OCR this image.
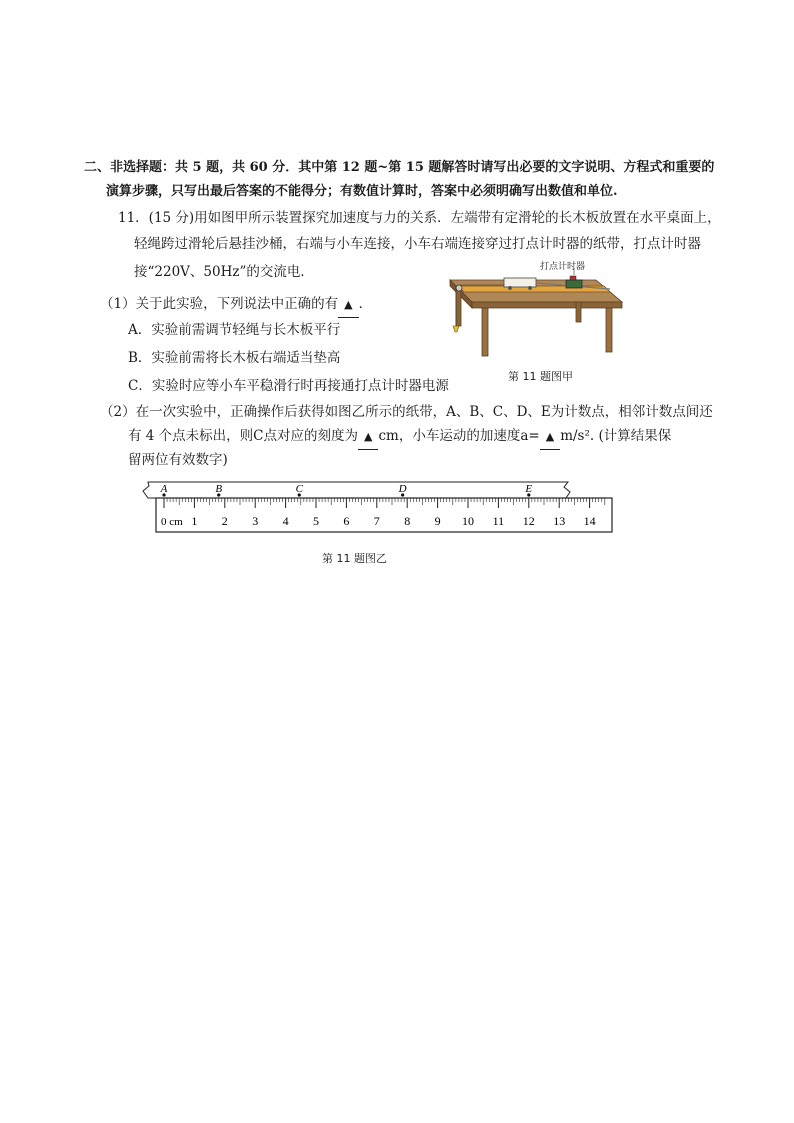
二、非选择题：共 5 题，共 60 分．其中第 12 题~第 15 题解答时请写出必要的文字说明、方程式和重要的
演算步骤，只写出最后答案的不能得分；有数值计算时，答案中必须明确写出数值和单位.
11．(15 分)用如图甲所示装置探究加速度与力的关系．左端带有定滑轮的长木板放置在水平桌面上，
轻绳跨过滑轮后悬挂沙桶，右端与小车连接，小车右端连接穿过打点计时器的纸带，打点计时器
接“220V、50Hz”的交流电．
（1）关于此实验，下列说法中正确的有 ▲ ．
A．实验前需调节轻绳与长木板平行
B．实验前需将长木板右端适当垫高
C．实验时应等小车平稳滑行时再接通打点计时器电源
打点计时器
第 11 题图甲
（2）在一次实验中，正确操作后获得如图乙所示的纸带，A、B、C、D、E为计数点，相邻计数点间还
有 4 个点未标出，则C点对应的刻度为 ▲ cm，小车运动的加速度a= ▲ m/s². (计算结果保
留两位有效数字)
0 cm 1 2 3 4 5 6 7 8 9 10 11 12 13 14
A	B	C	D	E
第 11 题图乙
